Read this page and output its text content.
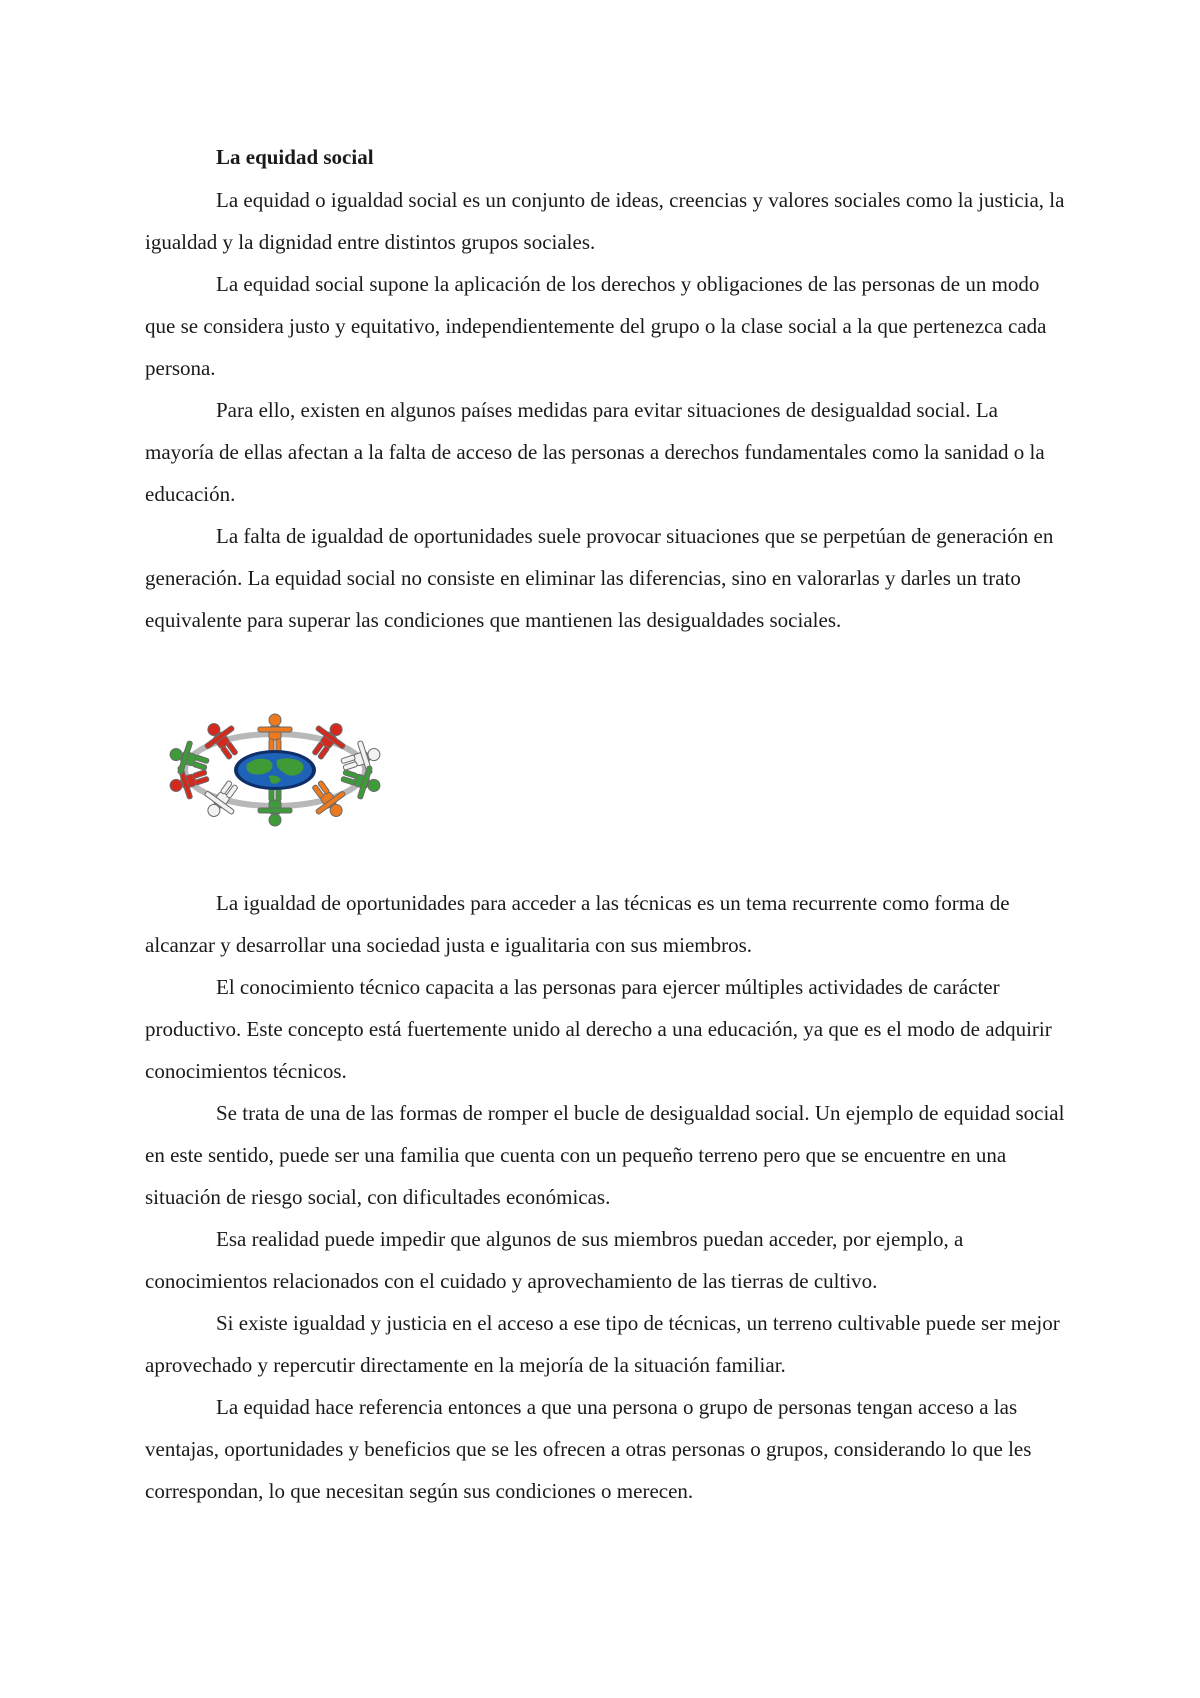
La equidad social

La equidad o igualdad social es un conjunto de ideas, creencias y valores sociales como la justicia, la igualdad y la dignidad entre distintos grupos sociales.

La equidad social supone la aplicación de los derechos y obligaciones de las personas de un modo que se considera justo y equitativo, independientemente del grupo o la clase social a la que pertenezca cada persona.

Para ello, existen en algunos países medidas para evitar situaciones de desigualdad social. La mayoría de ellas afectan a la falta de acceso de las personas a derechos fundamentales como la sanidad o la educación.

La falta de igualdad de oportunidades suele provocar situaciones que se perpetúan de generación en generación. La equidad social no consiste en eliminar las diferencias, sino en valorarlas y darles un trato equivalente para superar las condiciones que mantienen las desigualdades sociales.

La igualdad de oportunidades para acceder a las técnicas es un tema recurrente como forma de alcanzar y desarrollar una sociedad justa e igualitaria con sus miembros.

El conocimiento técnico capacita a las personas para ejercer múltiples actividades de carácter productivo. Este concepto está fuertemente unido al derecho a una educación, ya que es el modo de adquirir conocimientos técnicos.

Se trata de una de las formas de romper el bucle de desigualdad social. Un ejemplo de equidad social en este sentido, puede ser una familia que cuenta con un pequeño terreno pero que se encuentre en una situación de riesgo social, con dificultades económicas.

Esa realidad puede impedir que algunos de sus miembros puedan acceder, por ejemplo, a conocimientos relacionados con el cuidado y aprovechamiento de las tierras de cultivo.

Si existe igualdad y justicia en el acceso a ese tipo de técnicas, un terreno cultivable puede ser mejor aprovechado y repercutir directamente en la mejoría de la situación familiar.

La equidad hace referencia entonces a que una persona o grupo de personas tengan acceso a las ventajas, oportunidades y beneficios que se les ofrecen a otras personas o grupos, considerando lo que les correspondan, lo que necesitan según sus condiciones o merecen.
